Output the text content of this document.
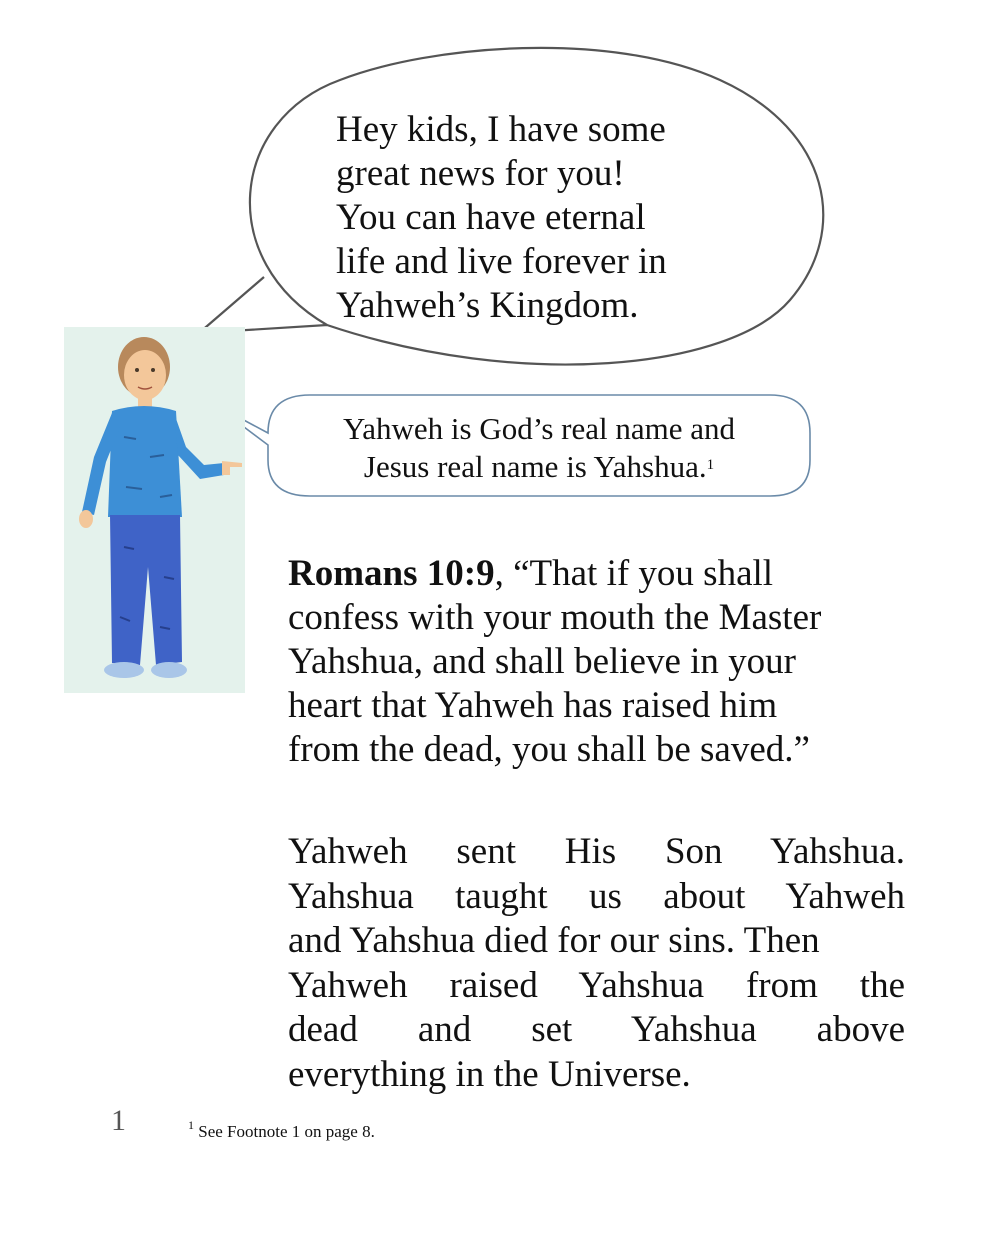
Hey kids, I have some
great news for you!
You can have eternal
life and live forever in
Yahweh’s Kingdom.

Yahweh is God’s real name and
Jesus real name is Yahshua.$^1$

Romans 10:9, “That if you shall
confess with your mouth the Master
Yahshua, and shall believe in your
heart that Yahweh has raised him
from the dead, you shall be saved.”

Yahweh sent His Son Yahshua.
Yahshua taught us about Yahweh
and Yahshua died for our sins. Then
Yahweh raised Yahshua from the
dead and set Yahshua above
everything in the Universe.

1	$^1$ See Footnote 1 on page 8.
